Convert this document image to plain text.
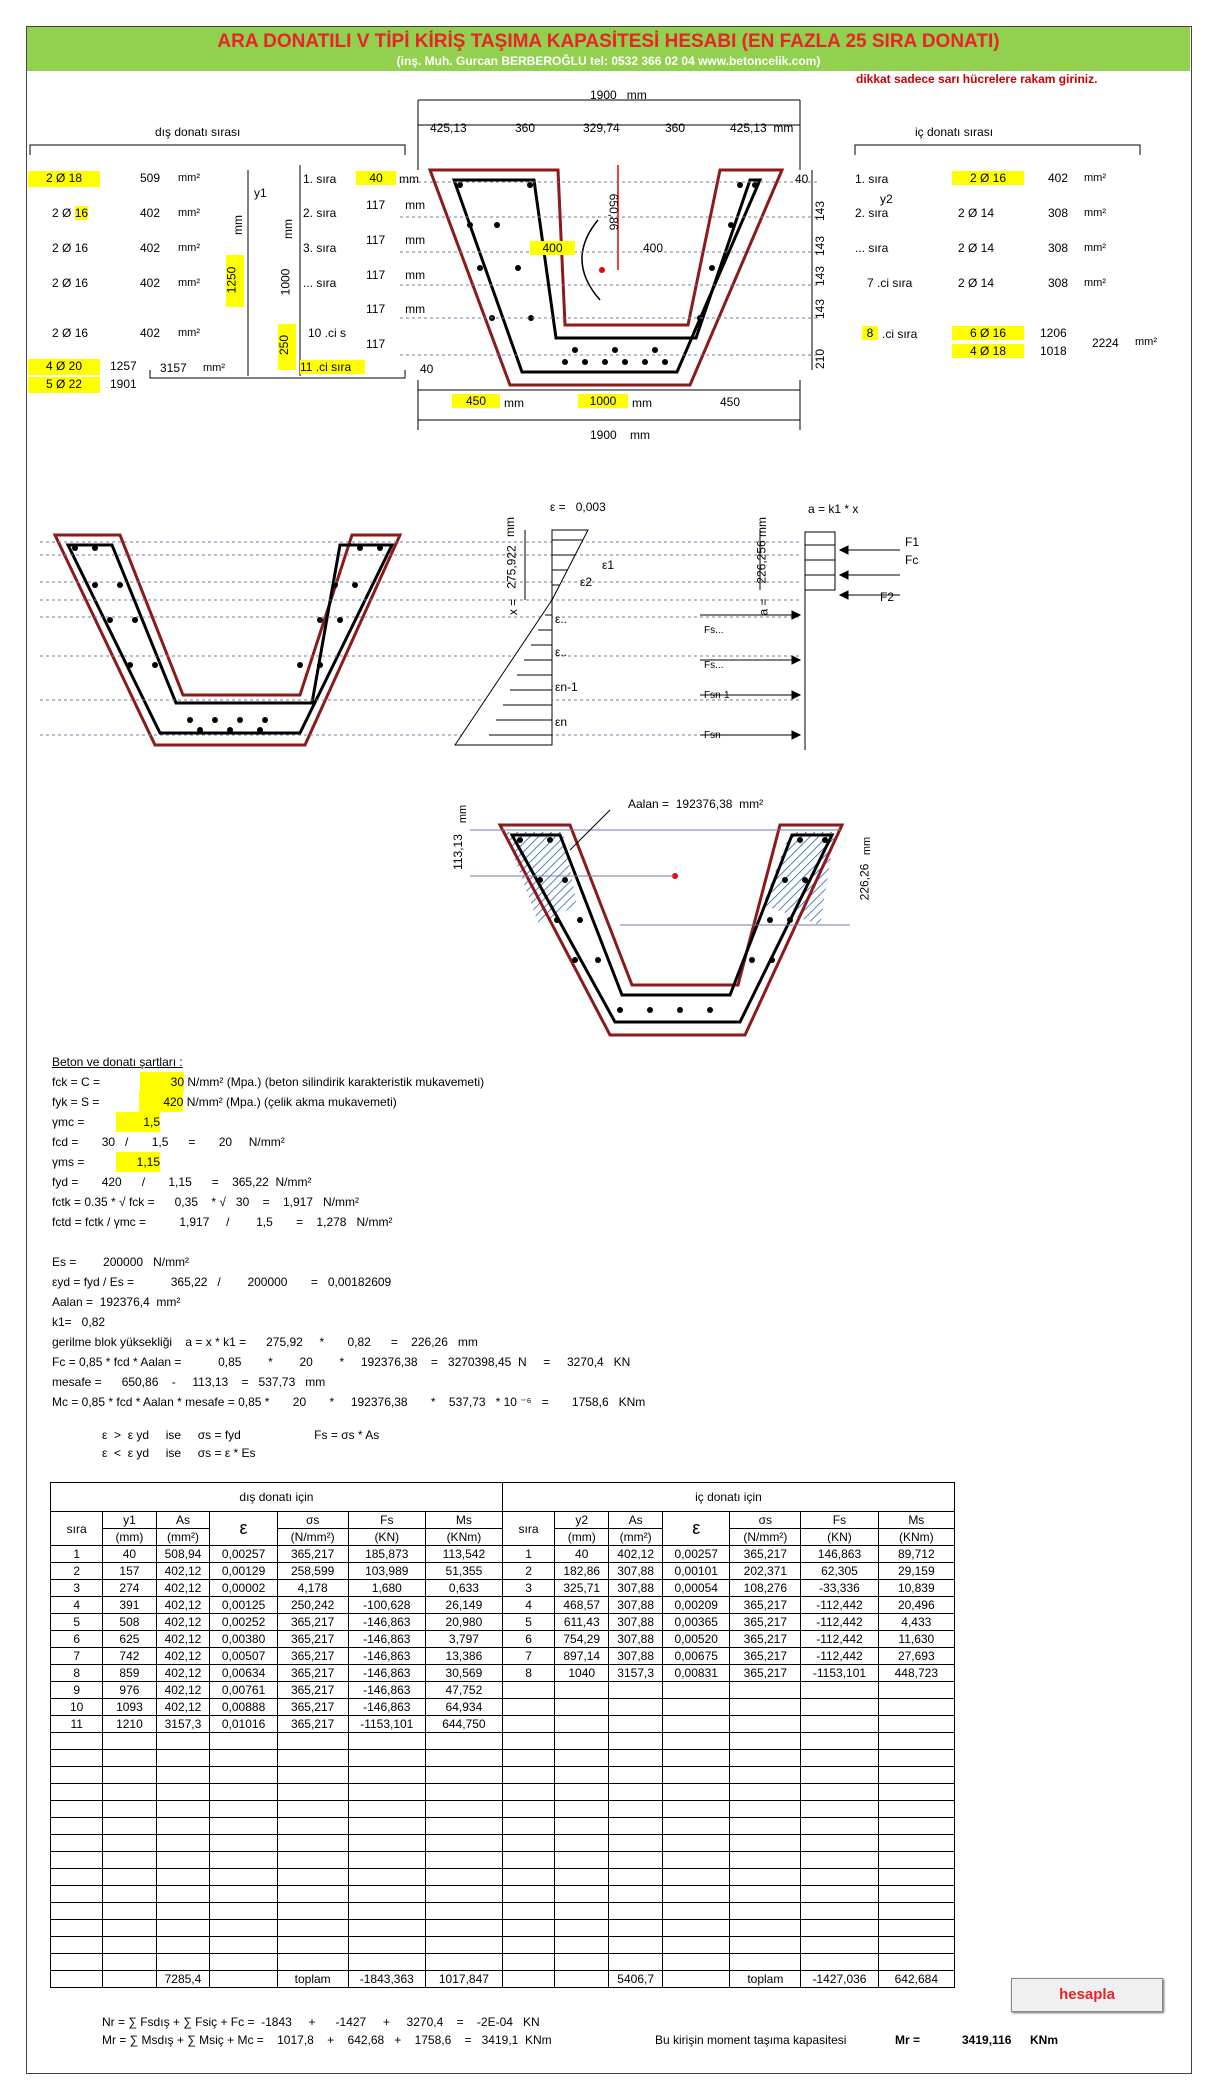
ARA DONATILI V TİPİ KİRİŞ TAŞIMA KAPASİTESİ HESABI (EN FAZLA 25 SIRA DONATI)
(inş. Muh. Gurcan BERBEROĞLU tel: 0532 366 02 04 www.betoncelik.com)
dikkat sadece sarı hücrelere rakam giriniz.
1900 mm
425,13	360	329,74	360	425,13 mm
dış donatı sırası	iç donatı sırası
2 Ø 18	509 mm²
2 Ø 16	402 mm²
2 Ø 16	402 mm²
2 Ø 16	402 mm²
2 Ø 16	402 mm²
4 Ø 20	1257 3157 mm²
5 Ø 22	1901
1250
mm
1000
mm
250
y1
1. sıra
2. sıra
3. sıra
... sıra
10 .ci s
11 .ci sıra
40	mm
117 mm
117 mm
117 mm
117 mm
117
40
400	400
650,86
40
450	mm	1000	mm	450
1900 mm
143
143
143
143
210
1. sıra
2. sıra
... sıra
7 .ci sıra
8 .ci sıra
y2
2 Ø 16	402 mm²
2 Ø 14	308 mm²
2 Ø 14	308 mm²
2 Ø 14	308 mm²
6 Ø 16	1206
4 Ø 18	1018
2224 mm²
ε = 0,003
mm
275,922
x =
ε1
ε2
ε..
ε..
εn-1
εn
mm
226,256
a =
a = k1 * x
F1
Fc
F2
Fs...
Fs...
Fsn-1
Fsn
Aalan = 192376,38 mm²
113,13
mm
226,26
mm
Beton ve donatı şartları :
fck = C =	30 N/mm² (Mpa.) (beton silindirik karakteristik mukavemeti)
fyk = S =	420 N/mm² (Mpa.) (çelik akma mukavemeti)
γmc =	1,5
fcd =       30   /       1,5      =       20     N/mm²
γms =	1,15
fyd =       420      /       1,15      =    365,22  N/mm²
fctk = 0.35 * √ fck =      0,35    * √   30    =    1,917   N/mm²
fctd = fctk / γmc =          1,917     /        1,5       =    1,278   N/mm²
Es =        200000   N/mm²
εyd = fyd / Es =           365,22   /        200000       =   0,00182609
Aalan =  192376,4  mm²
k1=   0,82
gerilme blok yüksekliği    a = x * k1 =      275,92     *       0,82      =    226,26   mm
Fc = 0,85 * fcd * Aalan =           0,85        *        20        *     192376,38    =   3270398,45  N     =     3270,4   KN
mesafe =      650,86    -     113,13    =   537,73   mm
Mc = 0,85 * fcd * Aalan * mesafe = 0,85 *       20       *     192376,38       *    537,73   * 10 ⁻⁶   =       1758,6   KNm
ε  >  ε yd     ise     σs = fyd                      Fs = σs * As
ε  <  ε yd     ise     σs = ε * Es
dış donatı için							iç donatı için						
sıra	y1	As	ε	σs	Fs	Ms	sıra	y2	As	ε	σs	Fs	Ms
	(mm)	(mm²)		(N/mm²)	(KN)	(KNm)		(mm)	(mm²)		(N/mm²)	(KN)	(KNm)
1	40	508,94	0,00257	365,217	185,873	113,542	1	40	402,12	0,00257	365,217	146,863	89,712
2	157	402,12	0,00129	258,599	103,989	51,355	2	182,86	307,88	0,00101	202,371	62,305	29,159
3	274	402,12	0,00002	4,178	1,680	0,633	3	325,71	307,88	0,00054	108,276	-33,336	10,839
4	391	402,12	0,00125	250,242	-100,628	26,149	4	468,57	307,88	0,00209	365,217	-112,442	20,496
5	508	402,12	0,00252	365,217	-146,863	20,980	5	611,43	307,88	0,00365	365,217	-112,442	4,433
6	625	402,12	0,00380	365,217	-146,863	3,797	6	754,29	307,88	0,00520	365,217	-112,442	11,630
7	742	402,12	0,00507	365,217	-146,863	13,386	7	897,14	307,88	0,00675	365,217	-112,442	27,693
8	859	402,12	0,00634	365,217	-146,863	30,569	8	1040	3157,3	0,00831	365,217	-1153,101	448,723
9	976	402,12	0,00761	365,217	-146,863	47,752							
10	1093	402,12	0,00888	365,217	-146,863	64,934							
11	1210	3157,3	0,01016	365,217	-1153,101	644,750							

		7285,4		toplam	-1843,363	1017,847			5406,7		toplam	-1427,036	642,684
hesapla
Nr = ∑ Fsdış + ∑ Fsiç + Fc =  -1843     +      -1427     +     3270,4    =    -2E-04   KN
Mr = ∑ Msdış + ∑ Msiç + Mc =    1017,8    +    642,68   +    1758,6    =   3419,1  KNm	Bu kirişin moment taşıma kapasitesi	Mr =	3419,116 KNm
